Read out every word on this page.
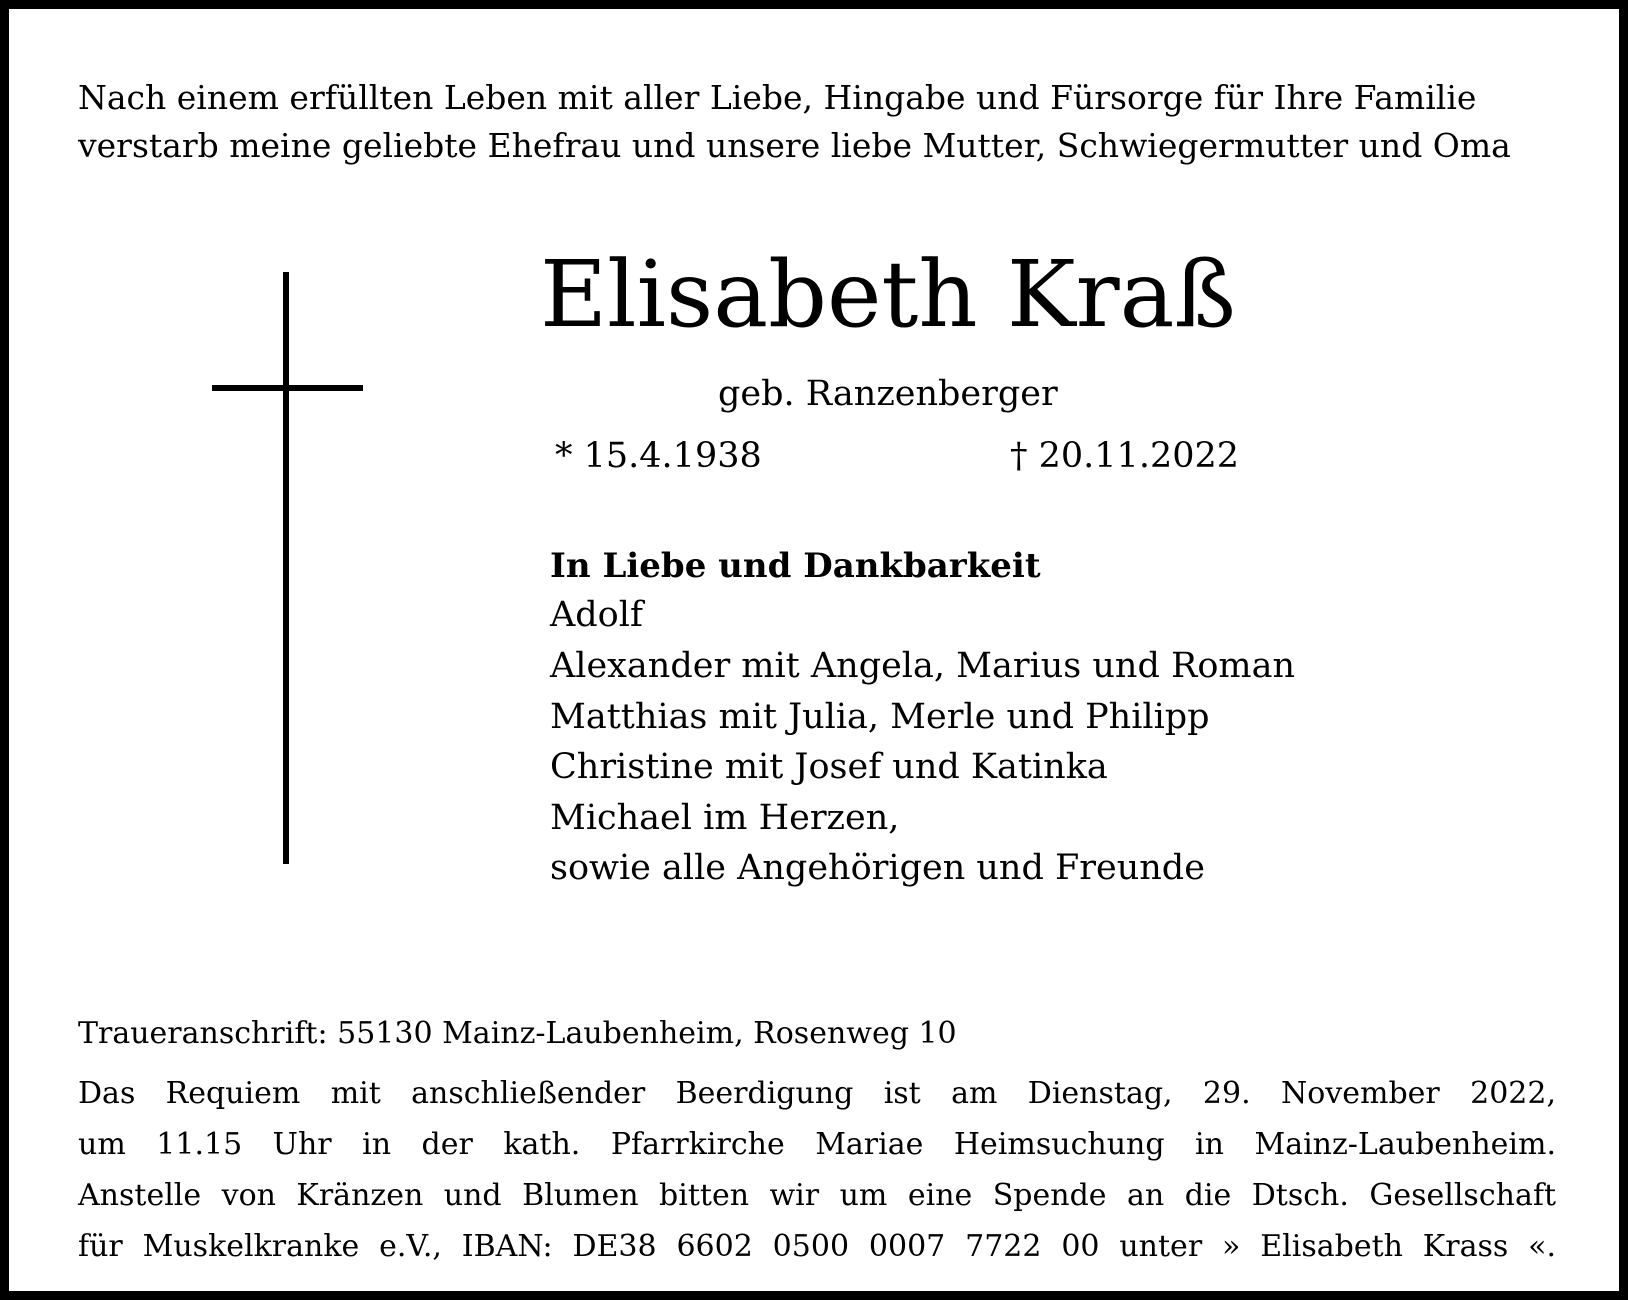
Nach einem erfüllten Leben mit aller Liebe, Hingabe und Fürsorge für Ihre Familie
verstarb meine geliebte Ehefrau und unsere liebe Mutter, Schwiegermutter und Oma
Elisabeth Kraß
geb. Ranzenberger
* 15.4.1938	† 20.11.2022
In Liebe und Dankbarkeit
Adolf
Alexander mit Angela, Marius und Roman
Matthias mit Julia, Merle und Philipp
Christine mit Josef und Katinka
Michael im Herzen,
sowie alle Angehörigen und Freunde
Traueranschrift: 55130 Mainz-Laubenheim, Rosenweg 10
Das Requiem mit anschließender Beerdigung ist am Dienstag, 29. November 2022,
um 11.15 Uhr in der kath. Pfarrkirche Mariae Heimsuchung in Mainz-Laubenheim.
Anstelle von Kränzen und Blumen bitten wir um eine Spende an die Dtsch. Gesellschaft
für Muskelkranke e.V., IBAN: DE38 6602 0500 0007 7722 00 unter » Elisabeth Krass «.
